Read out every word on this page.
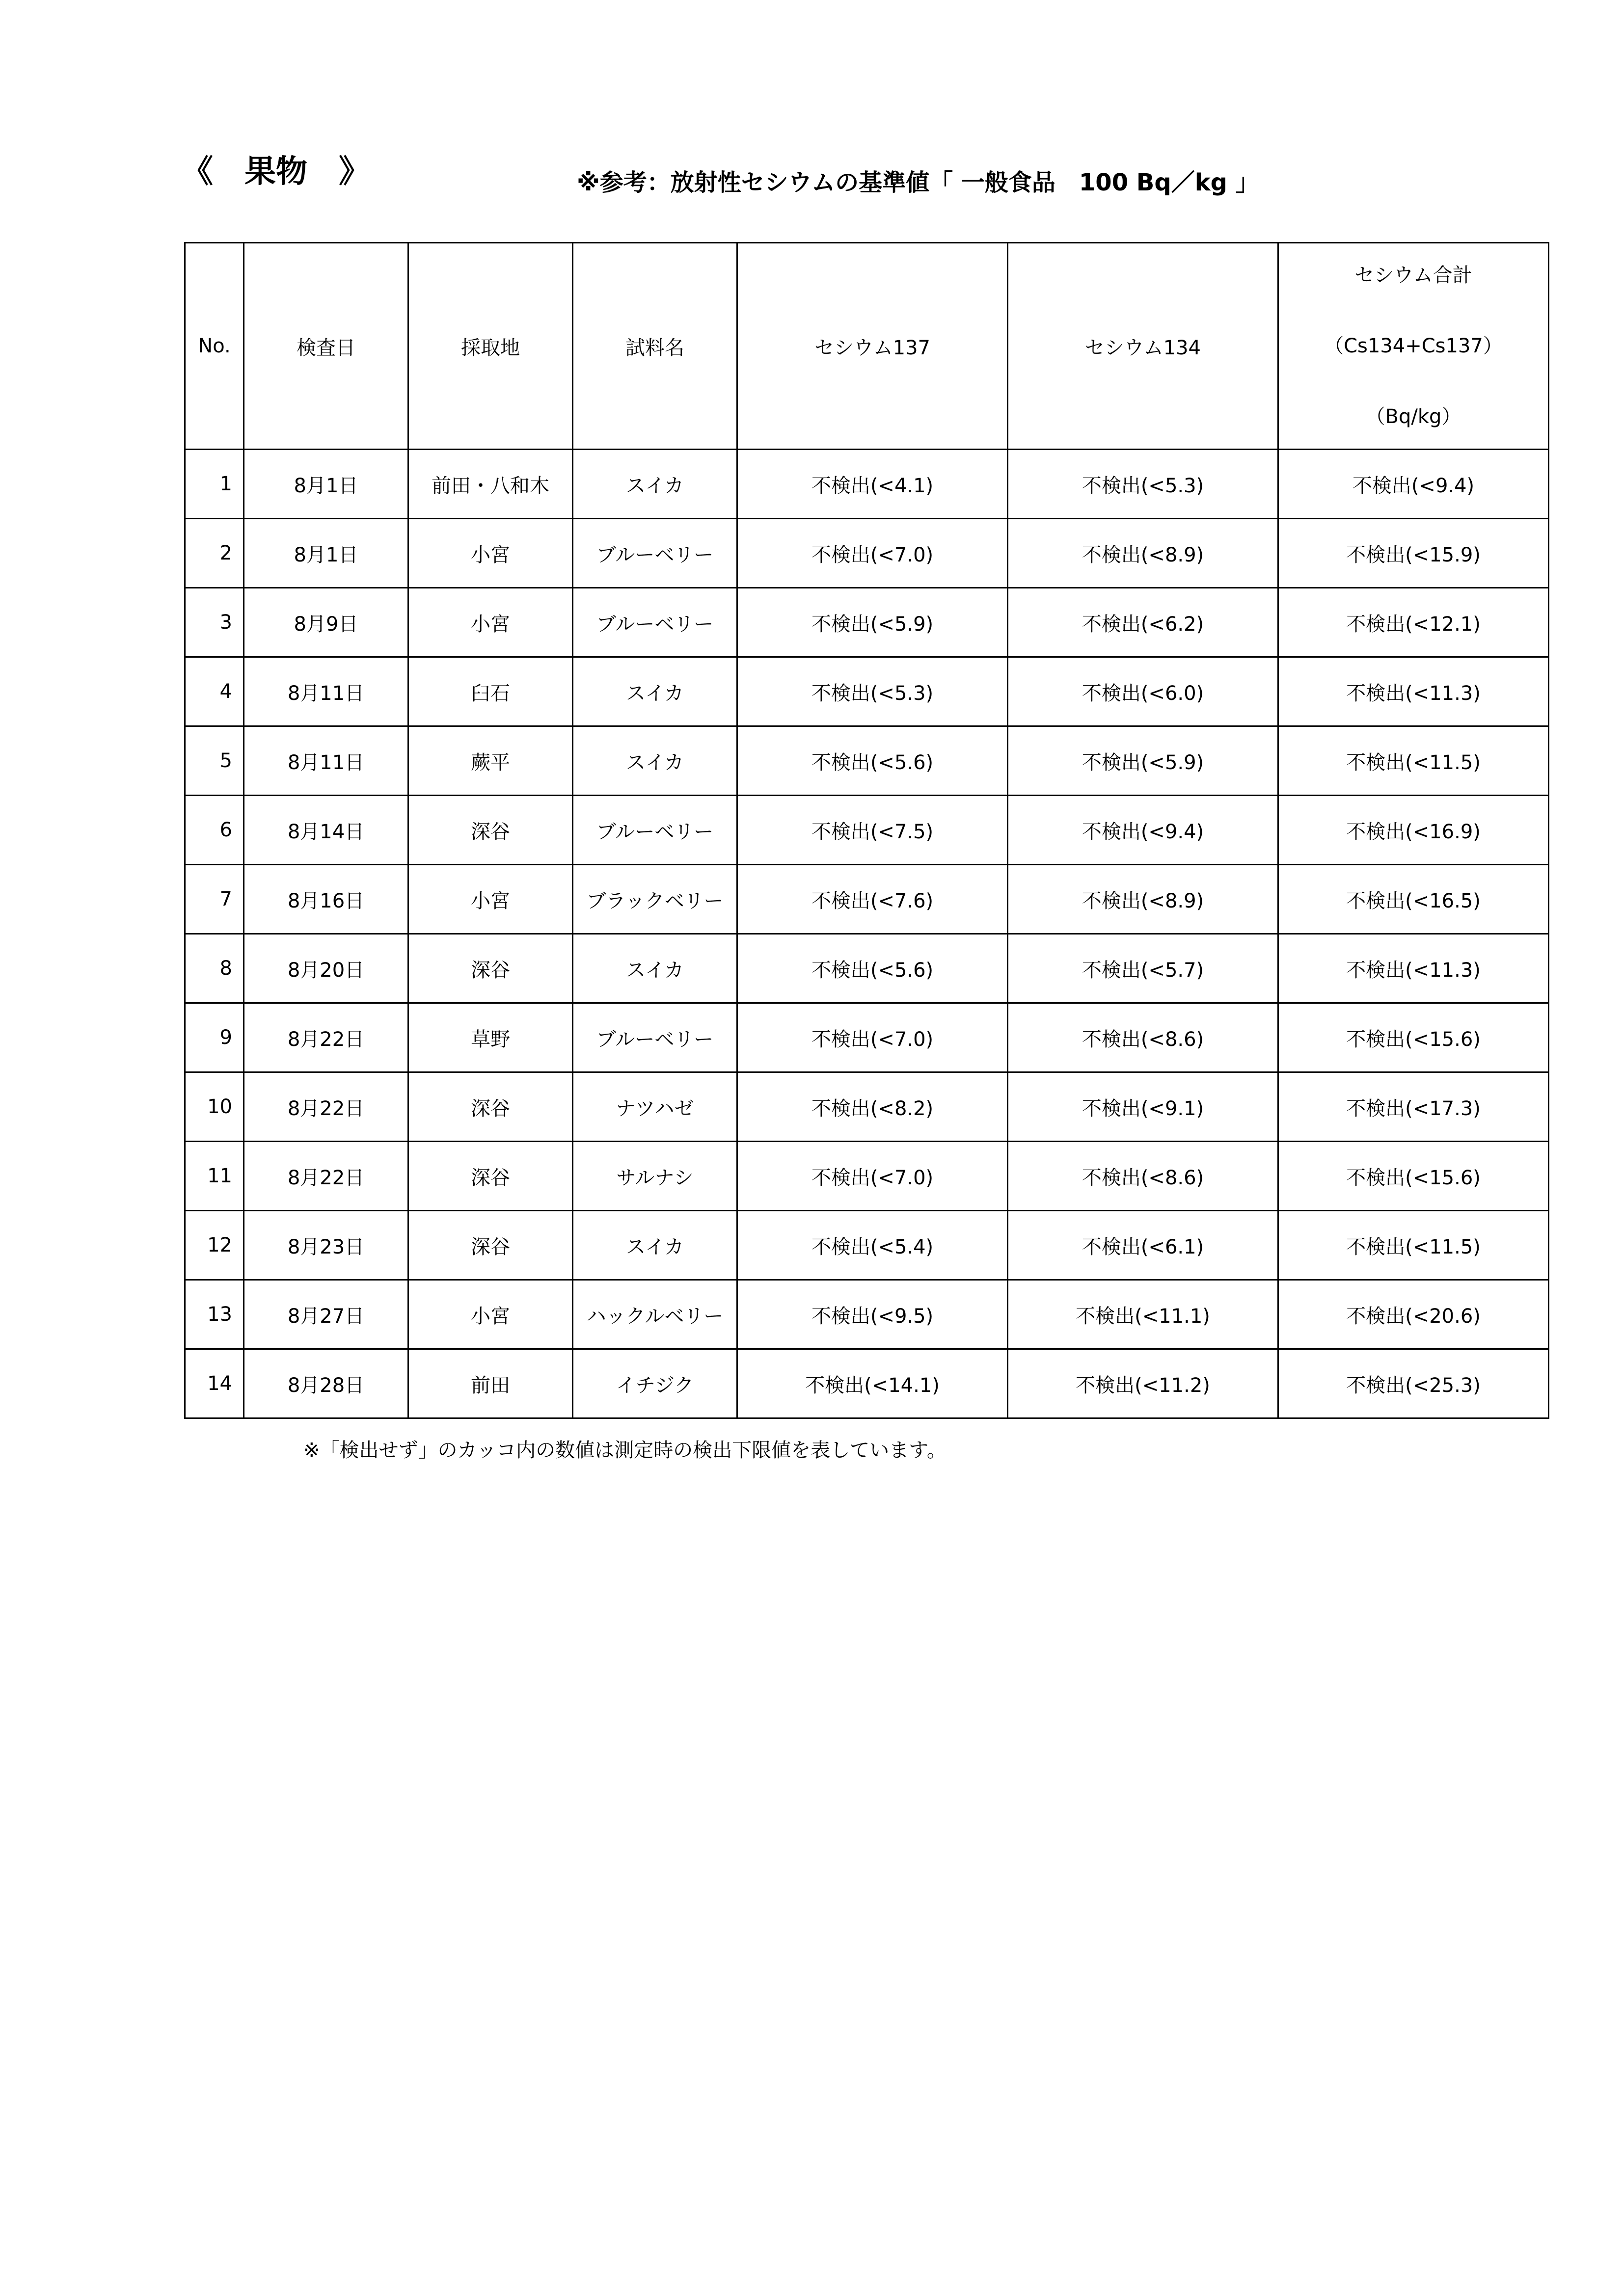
《　果物　》	※参考：放射性セシウムの基準値「 一般食品　100 Bq／kg 」
No.	検査日	採取地	試料名	セシウム137	セシウム134	セシウム合計
（Cs134+Cs137）
（Bq/kg）

1	8月1日	前田・八和木	スイカ	不検出(<4.1)	不検出(<5.3)	不検出(<9.4)
2	8月1日	小宮	ブルーベリー	不検出(<7.0)	不検出(<8.9)	不検出(<15.9)
3	8月9日	小宮	ブルーベリー	不検出(<5.9)	不検出(<6.2)	不検出(<12.1)
4	8月11日	臼石	スイカ	不検出(<5.3)	不検出(<6.0)	不検出(<11.3)
5	8月11日	蕨平	スイカ	不検出(<5.6)	不検出(<5.9)	不検出(<11.5)
6	8月14日	深谷	ブルーベリー	不検出(<7.5)	不検出(<9.4)	不検出(<16.9)
7	8月16日	小宮	ブラックベリー	不検出(<7.6)	不検出(<8.9)	不検出(<16.5)
8	8月20日	深谷	スイカ	不検出(<5.6)	不検出(<5.7)	不検出(<11.3)
9	8月22日	草野	ブルーベリー	不検出(<7.0)	不検出(<8.6)	不検出(<15.6)
10	8月22日	深谷	ナツハゼ	不検出(<8.2)	不検出(<9.1)	不検出(<17.3)
11	8月22日	深谷	サルナシ	不検出(<7.0)	不検出(<8.6)	不検出(<15.6)
12	8月23日	深谷	スイカ	不検出(<5.4)	不検出(<6.1)	不検出(<11.5)
13	8月27日	小宮	ハックルベリー	不検出(<9.5)	不検出(<11.1)	不検出(<20.6)
14	8月28日	前田	イチジク	不検出(<14.1)	不検出(<11.2)	不検出(<25.3)
※「検出せず」のカッコ内の数値は測定時の検出下限値を表しています。
